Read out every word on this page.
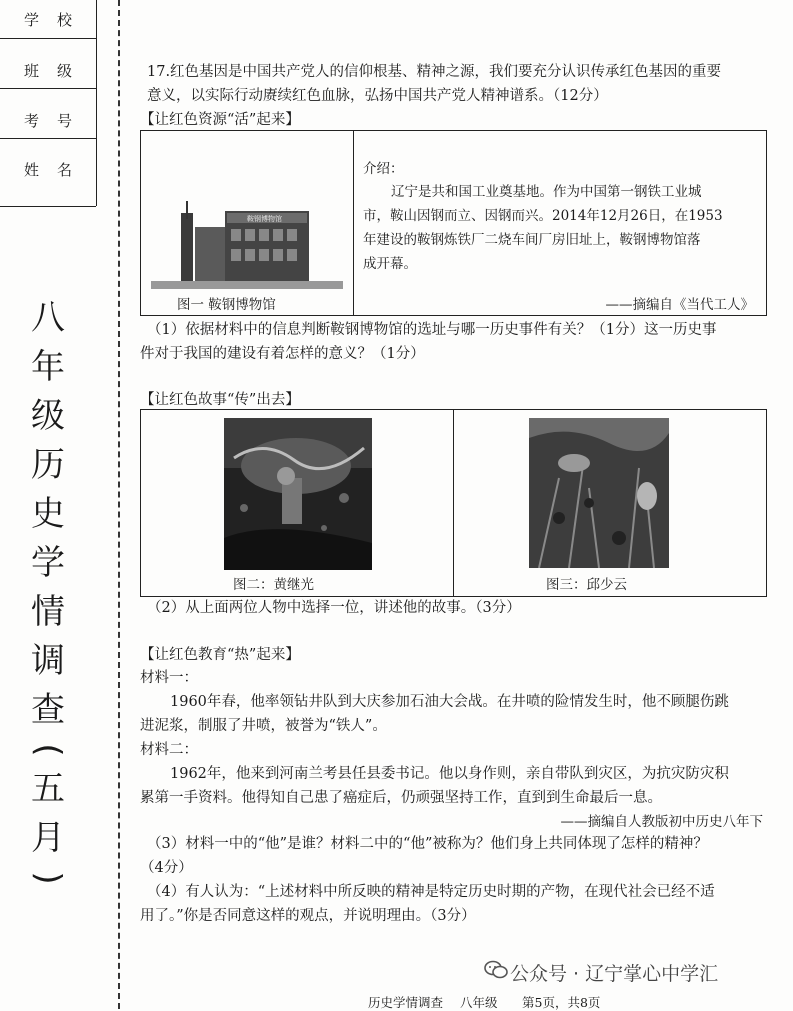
学校
班级
考号
姓名
八
年
级
历
史
学
情
调
查
(
五
月
)

17.红色基因是中国共产党人的信仰根基、精神之源，我们要充分认识传承红色基因的重要

意义，以实际行动赓续红色血脉，弘扬中国共产党人精神谱系。（12分）

【让红色资源“活”起来】
鞍钢博物馆
图一 鞍钢博物馆
介绍：
辽宁是共和国工业奠基地。作为中国第一钢铁工业城
市，鞍山因钢而立、因钢而兴。2014年12月26日，在1953
年建设的鞍钢炼铁厂二烧车间厂房旧址上，鞍钢博物馆落
成开幕。
——摘编自《当代工人》

（1）依据材料中的信息判断鞍钢博物馆的选址与哪一历史事件有关？（1分）这一历史事

件对于我国的建设有着怎样的意义？（1分）

【让红色故事“传”出去】
图二：黄继光	图三：邱少云

（2）从上面两位人物中选择一位，讲述他的故事。（3分）

【让红色教育“热”起来】

材料一：

1960年春，他率领钻井队到大庆参加石油大会战。在井喷的险情发生时，他不顾腿伤跳

进泥浆，制服了井喷，被誉为“铁人”。

材料二：

1962年，他来到河南兰考县任县委书记。他以身作则，亲自带队到灾区，为抗灾防灾积

累第一手资料。他得知自己患了癌症后，仍顽强坚持工作，直到到生命最后一息。

——摘编自人教版初中历史八年下

（3）材料一中的“他”是谁？材料二中的“他”被称为？他们身上共同体现了怎样的精神？

（4分）

（4）有人认为：“上述材料中所反映的精神是特定历史时期的产物，在现代社会已经不适

用了。”你是否同意这样的观点，并说明理由。（3分）

公众号 · 辽宁掌心中学汇
历史学情调查 八年级 第5页，共8页
